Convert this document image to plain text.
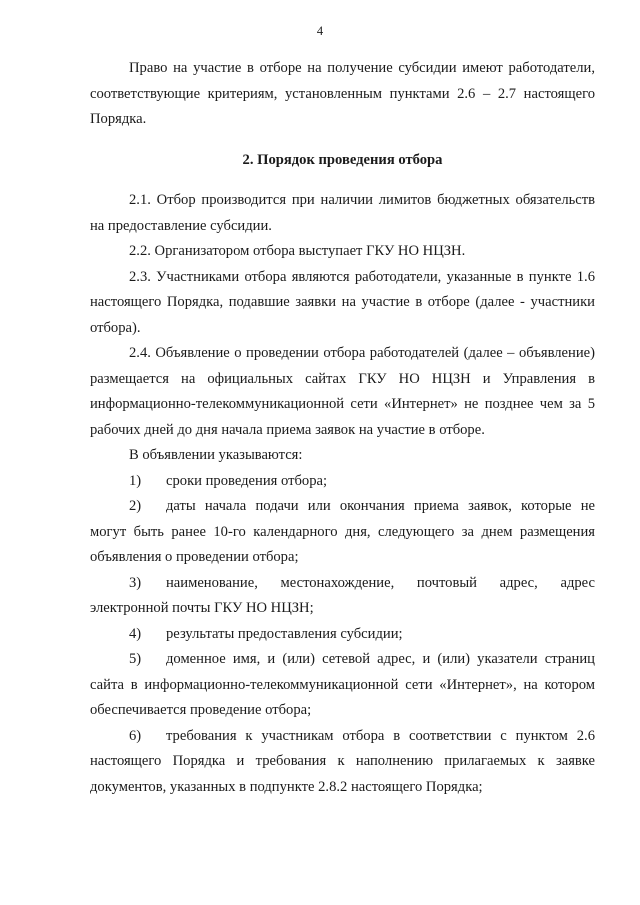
4

Право на участие в отборе на получение субсидии имеют работодатели, соответствующие критериям, установленным пунктами 2.6 – 2.7 настоящего Порядка.

2. Порядок проведения отбора

2.1. Отбор производится при наличии лимитов бюджетных обязательств на предоставление субсидии.

2.2. Организатором отбора выступает ГКУ НО НЦЗН.

2.3. Участниками отбора являются работодатели, указанные в пункте 1.6 настоящего Порядка, подавшие заявки на участие в отборе (далее - участники отбора).

2.4. Объявление о проведении отбора работодателей (далее – объявление) размещается на официальных сайтах ГКУ НО НЦЗН и Управления в информационно-телекоммуникационной сети «Интернет» не позднее чем за 5 рабочих дней до дня начала приема заявок на участие в отборе.

В объявлении указываются:

1)	сроки проведения отбора;
2)	даты начала подачи или окончания приема заявок, которые не

могут быть ранее 10-го календарного дня, следующего за днем размещения объявления о проведении отбора;

3)	наименование, местонахождение, почтовый адрес, адрес

электронной почты ГКУ НО НЦЗН;

4)	результаты предоставления субсидии;
5)	доменное имя, и (или) сетевой адрес, и (или) указатели страниц

сайта в информационно-телекоммуникационной сети «Интернет», на котором обеспечивается проведение отбора;

6)	требования к участникам отбора в соответствии с пунктом 2.6

настоящего Порядка и требования к наполнению прилагаемых к заявке документов, указанных в подпункте 2.8.2 настоящего Порядка;
